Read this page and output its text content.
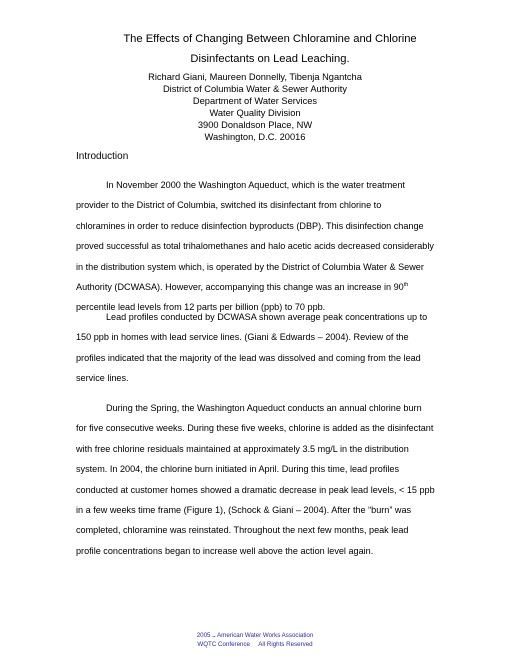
The Effects of Changing Between Chloramine and Chlorine
Disinfectants on Lead Leaching.
Richard Giani, Maureen Donnelly, Tibenja Ngantcha
District of Columbia Water & Sewer Authority
Department of Water Services
Water Quality Division
3900 Donaldson Place, NW
Washington, D.C. 20016
Introduction

In November 2000 the Washington Aqueduct, which is the water treatment
provider to the District of Columbia, switched its disinfectant from chlorine to
chloramines in order to reduce disinfection byproducts (DBP). This disinfection change
proved successful as total trihalomethanes and halo acetic acids decreased considerably
in the distribution system which, is operated by the District of Columbia Water & Sewer
Authority (DCWASA). However, accompanying this change was an increase in 90th
percentile lead levels from 12 parts per billion (ppb) to 70 ppb.

Lead profiles conducted by DCWASA shown average peak concentrations up to
150 ppb in homes with lead service lines. (Giani & Edwards – 2004). Review of the
profiles indicated that the majority of the lead was dissolved and coming from the lead
service lines.

During the Spring, the Washington Aqueduct conducts an annual chlorine burn
for five consecutive weeks. During these five weeks, chlorine is added as the disinfectant
with free chlorine residuals maintained at approximately 3.5 mg/L in the distribution
system. In 2004, the chlorine burn initiated in April. During this time, lead profiles
conducted at customer homes showed a dramatic decrease in peak lead levels, < 15 ppb
in a few weeks time frame (Figure 1), (Schock & Giani – 2004). After the “burn” was
completed, chloramine was reinstated. Throughout the next few months, peak lead
profile concentrations began to increase well above the action level again.

2005 .. American Water Works Association
WQTC Conference All Rights Reserved
